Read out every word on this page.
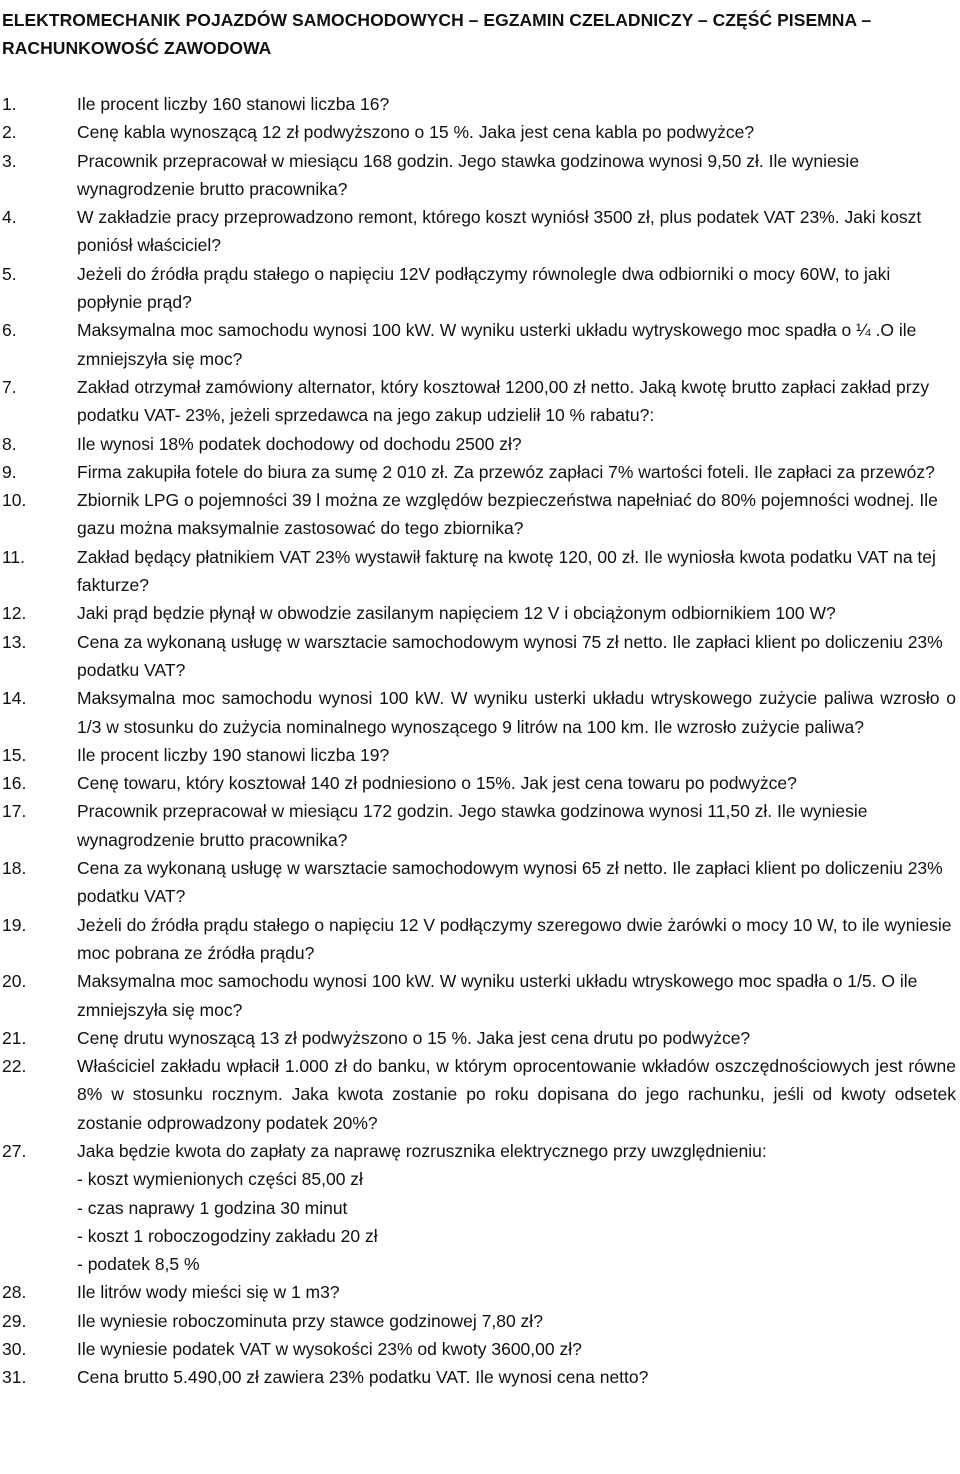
ELEKTROMECHANIK POJAZDÓW SAMOCHODOWYCH – EGZAMIN CZELADNICZY – CZĘŚĆ PISEMNA –
RACHUNKOWOŚĆ ZAWODOWA
1.	Ile procent liczby 160 stanowi liczba 16?
2.	Cenę kabla wynoszącą 12 zł podwyższono o 15 %. Jaka jest cena kabla po podwyżce?
3.	Pracownik przepracował w miesiącu 168 godzin. Jego stawka godzinowa wynosi 9,50 zł. Ile wyniesie wynagrodzenie brutto pracownika?
4.	W zakładzie pracy przeprowadzono remont, którego koszt wyniósł 3500 zł, plus podatek VAT 23%. Jaki koszt poniósł właściciel?
5.	Jeżeli do źródła prądu stałego o napięciu 12V podłączymy równolegle dwa odbiorniki o mocy 60W, to jaki popłynie prąd?
6.	Maksymalna moc samochodu wynosi 100 kW. W wyniku usterki układu wytryskowego moc spadła o ¼ .O ile zmniejszyła się moc?
7.	Zakład otrzymał zamówiony alternator, który kosztował 1200,00 zł netto. Jaką kwotę brutto zapłaci zakład przy podatku VAT- 23%, jeżeli sprzedawca na jego zakup udzielił 10 % rabatu?:
8.	Ile wynosi 18% podatek dochodowy od dochodu 2500 zł?
9.	Firma zakupiła fotele do biura za sumę 2 010 zł. Za przewóz zapłaci 7% wartości foteli. Ile zapłaci za przewóz?
10.	Zbiornik LPG o pojemności 39 l można ze względów bezpieczeństwa napełniać do 80% pojemności wodnej. Ile gazu można maksymalnie zastosować do tego zbiornika?
11.	Zakład będący płatnikiem VAT 23% wystawił fakturę na kwotę 120, 00 zł. Ile wyniosła kwota podatku VAT na tej fakturze?
12.	Jaki prąd będzie płynął w obwodzie zasilanym napięciem 12 V i obciążonym odbiornikiem 100 W?
13.	Cena za wykonaną usługę w warsztacie samochodowym wynosi 75 zł netto. Ile zapłaci klient po doliczeniu 23% podatku VAT?
14.	Maksymalna moc samochodu wynosi 100 kW. W wyniku usterki układu wtryskowego zużycie paliwa wzrosło o 1/3 w stosunku do zużycia nominalnego wynoszącego 9 litrów na 100 km. Ile wzrosło zużycie paliwa?
15.	Ile procent liczby 190 stanowi liczba 19?
16.	Cenę towaru, który kosztował 140 zł podniesiono o 15%. Jak jest cena towaru po podwyżce?
17.	Pracownik przepracował w miesiącu 172 godzin. Jego stawka godzinowa wynosi 11,50 zł. Ile wyniesie wynagrodzenie brutto pracownika?
18.	Cena za wykonaną usługę w warsztacie samochodowym wynosi 65 zł netto. Ile zapłaci klient po doliczeniu 23% podatku VAT?
19.	Jeżeli do źródła prądu stałego o napięciu 12 V podłączymy szeregowo dwie żarówki o mocy 10 W, to ile wyniesie moc pobrana ze źródła prądu?
20.	Maksymalna moc samochodu wynosi 100 kW. W wyniku usterki układu wtryskowego moc spadła o 1/5. O ile zmniejszyła się moc?
21.	Cenę drutu wynoszącą 13 zł podwyższono o 15 %. Jaka jest cena drutu po podwyżce?
22.	Właściciel zakładu wpłacił 1.000 zł do banku, w którym oprocentowanie wkładów oszczędnościowych jest równe 8% w stosunku rocznym. Jaka kwota zostanie po roku dopisana do jego rachunku, jeśli od kwoty odsetek zostanie odprowadzony podatek 20%?
27.	Jaka będzie kwota do zapłaty za naprawę rozrusznika elektrycznego przy uwzględnieniu:
- koszt wymienionych części 85,00 zł
- czas naprawy 1 godzina 30 minut
- koszt 1 roboczogodziny zakładu 20 zł
- podatek 8,5 %
28.	Ile litrów wody mieści się w 1 m3?
29.	Ile wyniesie roboczominuta przy stawce godzinowej 7,80 zł?
30.	Ile wyniesie podatek VAT w wysokości 23% od kwoty 3600,00 zł?
31.	Cena brutto 5.490,00 zł zawiera 23% podatku VAT. Ile wynosi cena netto?
